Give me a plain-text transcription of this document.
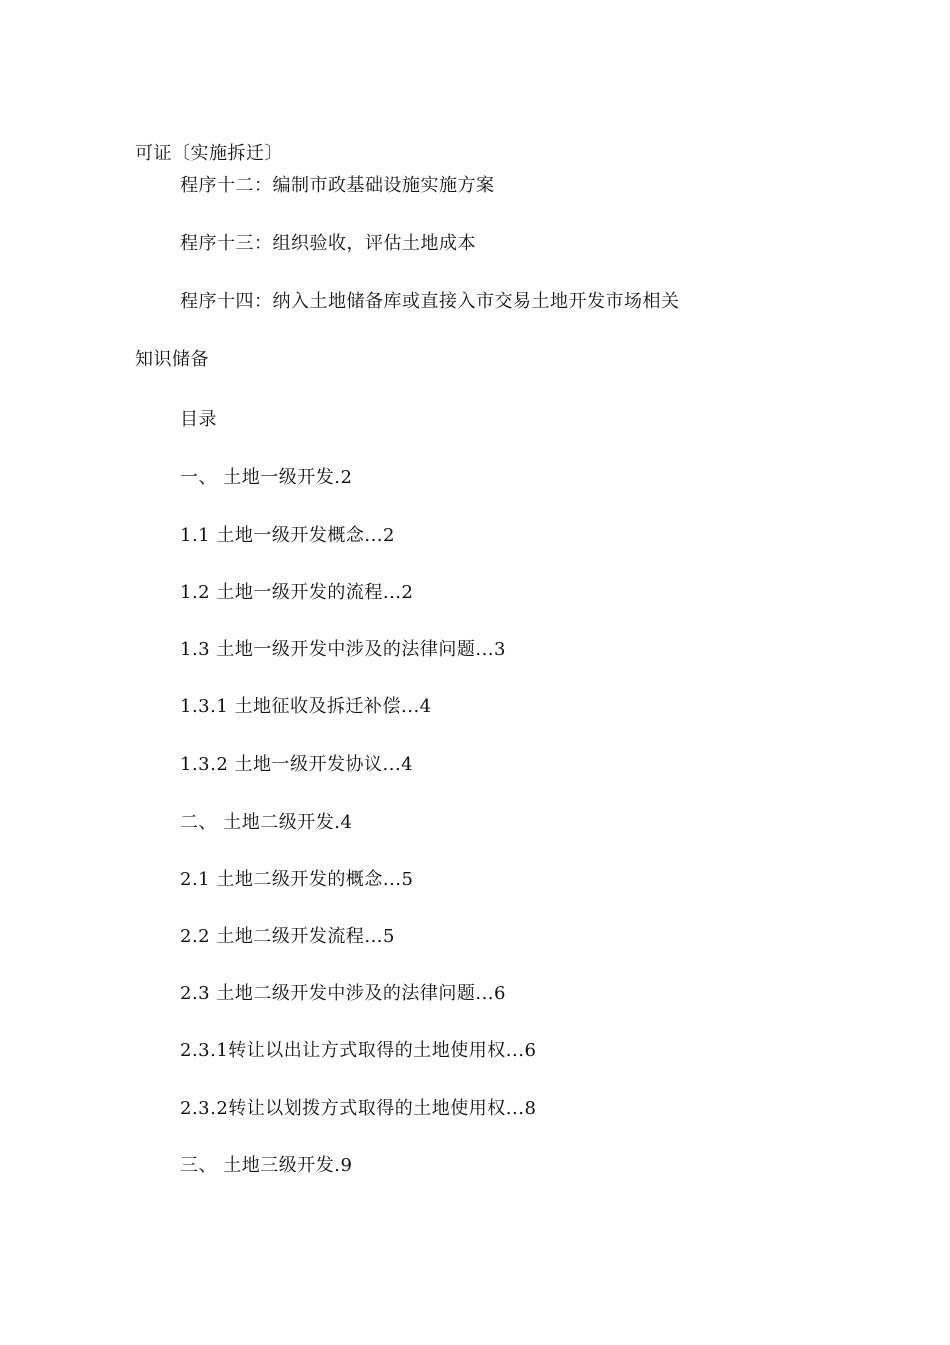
可证〔实施拆迁〕
程序十二：编制市政基础设施实施方案
程序十三：组织验收，评估土地成本
程序十四：纳入土地储备库或直接入市交易土地开发市场相关
知识储备
目录
一、 土地一级开发.2
1.1 土地一级开发概念...2
1.2 土地一级开发的流程...2
1.3 土地一级开发中涉及的法律问题...3
1.3.1 土地征收及拆迁补偿...4
1.3.2 土地一级开发协议...4
二、 土地二级开发.4
2.1 土地二级开发的概念...5
2.2 土地二级开发流程...5
2.3 土地二级开发中涉及的法律问题...6
2.3.1转让以出让方式取得的土地使用权...6
2.3.2转让以划拨方式取得的土地使用权...8
三、 土地三级开发.9
